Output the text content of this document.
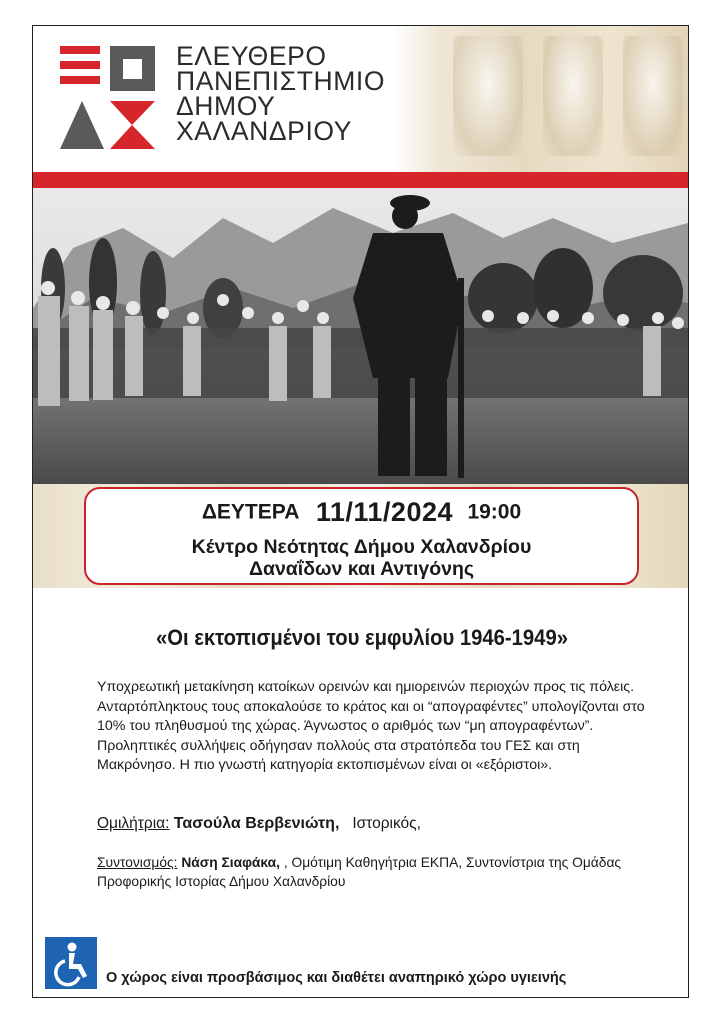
ΕΛΕΥΘΕΡΟ
ΠΑΝΕΠΙΣΤΗΜΙΟ
ΔΗΜΟΥ
ΧΑΛΑΝΔΡΙΟΥ
ΔΕΥΤΕΡΑ 11/11/2024 19:00
Κέντρο Νεότητας Δήμου Χαλανδρίου
Δαναΐδων και Αντιγόνης
«Οι εκτοπισμένοι του εμφυλίου 1946-1949»
Υποχρεωτική μετακίνηση κατοίκων ορεινών και ημιορεινών περιοχών προς τις πόλεις. Ανταρτόπληκτους τους αποκαλούσε το κράτος και οι “απογραφέντες” υπολογίζονται στο 10% του πληθυσμού της χώρας. Άγνωστος ο αριθμός των “μη απογραφέντων”. Προληπτικές συλλήψεις οδήγησαν πολλούς στα στρατόπεδα του ΓΕΣ και στη Μακρόνησο. Η πιο γνωστή κατηγορία εκτοπισμένων είναι οι «εξόριστοι».
Ομιλήτρια: Τασούλα Βερβενιώτη, Ιστορικός,
Συντονισμός: Νάση Σιαφάκα, , Ομότιμη Καθηγήτρια ΕΚΠΑ, Συντονίστρια της Ομάδας Προφορικής Ιστορίας Δήμου Χαλανδρίου
Ο χώρος είναι προσβάσιμος και διαθέτει αναπηρικό χώρο υγιεινής
